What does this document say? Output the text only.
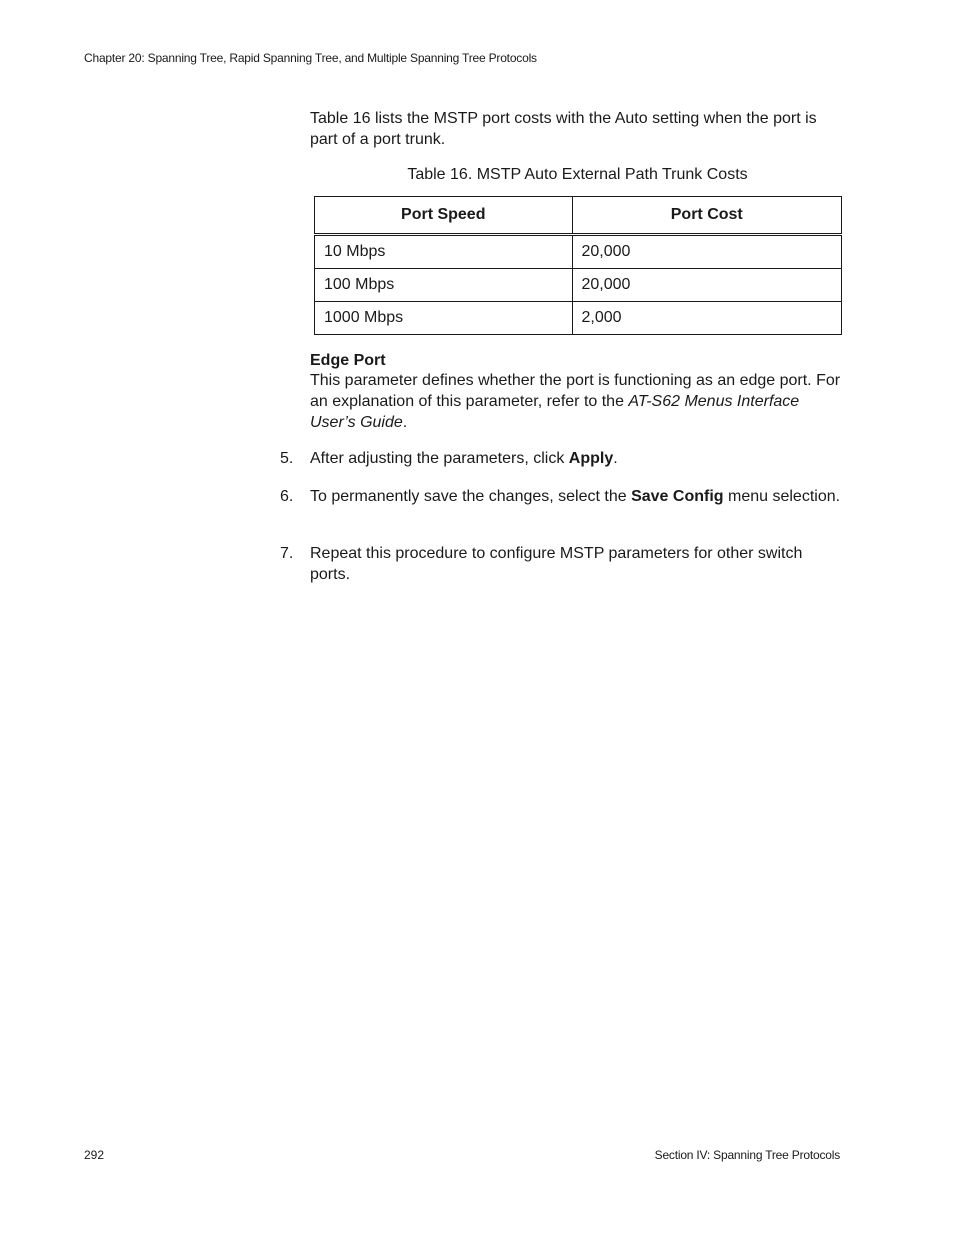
Chapter 20: Spanning Tree, Rapid Spanning Tree, and Multiple Spanning Tree Protocols

Table 16 lists the MSTP port costs with the Auto setting when the port is part of a port trunk.

Table 16. MSTP Auto External Path Trunk Costs
Port Speed	Port Cost
10 Mbps	20,000
100 Mbps	20,000
1000 Mbps	2,000
Edge Port

This parameter defines whether the port is functioning as an edge port. For an explanation of this parameter, refer to the AT-S62 Menus Interface User’s Guide.

5. After adjusting the parameters, click Apply.
6. To permanently save the changes, select the Save Config menu selection.
7. Repeat this procedure to configure MSTP parameters for other switch ports.
292	Section IV: Spanning Tree Protocols
